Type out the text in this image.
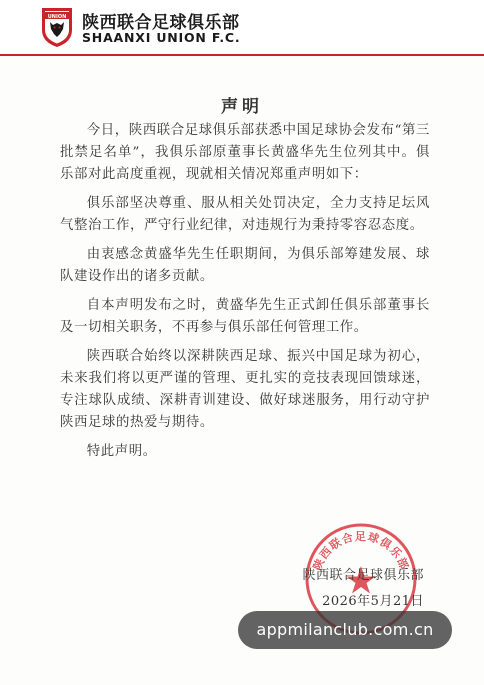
UNION 陕西联合足球俱乐部
SHAANXI UNION F.C.
声明

今日，陕西联合足球俱乐部获悉中国足球协会发布“第三批禁足名单”，我俱乐部原董事长黄盛华先生位列其中。俱乐部对此高度重视，现就相关情况郑重声明如下：

俱乐部坚决尊重、服从相关处罚决定，全力支持足坛风气整治工作，严守行业纪律，对违规行为秉持零容忍态度。

由衷感念黄盛华先生任职期间，为俱乐部筹建发展、球队建设作出的诸多贡献。

自本声明发布之时，黄盛华先生正式卸任俱乐部董事长及一切相关职务，不再参与俱乐部任何管理工作。

陕西联合始终以深耕陕西足球、振兴中国足球为初心，未来我们将以更严谨的管理、更扎实的竞技表现回馈球迷，专注球队成绩、深耕青训建设、做好球迷服务，用行动守护陕西足球的热爱与期待。

特此声明。

陕西联合足球俱乐部
陕西联合足球俱乐部
2026年5月21日
appmilanclub.com.cn
